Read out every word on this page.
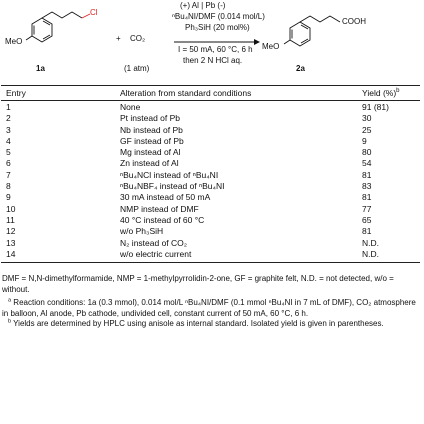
MeO
Cl
1a
+ CO₂
(1 atm)
(+) Al | Pb (-)
ⁿBu₄NI/DMF (0.014 mol/L)
Ph₃SiH (20 mol%)
I = 50 mA, 60 °C, 6 h
then 2 N HCl aq.
MeO
COOH
2a
Entry	Alteration from standard conditions	Yield (%)$^b$
1	None	91 (81)
2	Pt instead of Pb	30
3	Nb instead of Pb	25
4	GF instead of Pb	9
5	Mg instead of Al	80
6	Zn instead of Al	54
7	ⁿBu₄NCl instead of ⁿBu₄NI	81
8	ⁿBu₄NBF₄ instead of ⁿBu₄NI	83
9	30 mA instead of 50 mA	81
10	NMP instead of DMF	77
11	40 °C instead of 60 °C	65
12	w/o Ph₃SiH	81
13	N₂ instead of CO₂	N.D.
14	w/o electric current	N.D.

DMF = N,N-dimethylformamide, NMP = 1-methylpyrrolidin-2-one, GF = graphite felt, N.D. = not detected, w/o = without.

$^a$ Reaction conditions: 1a (0.3 mmol), 0.014 mol/L ⁿBu₄NI/DMF (0.1 mmol ⁿBu₄NI in 7 mL of DMF), CO₂ atmosphere in balloon, Al anode, Pb cathode, undivided cell, constant current of 50 mA, 60 °C, 6 h.

$^b$ Yields are determined by HPLC using anisole as internal standard. Isolated yield is given in parentheses.
